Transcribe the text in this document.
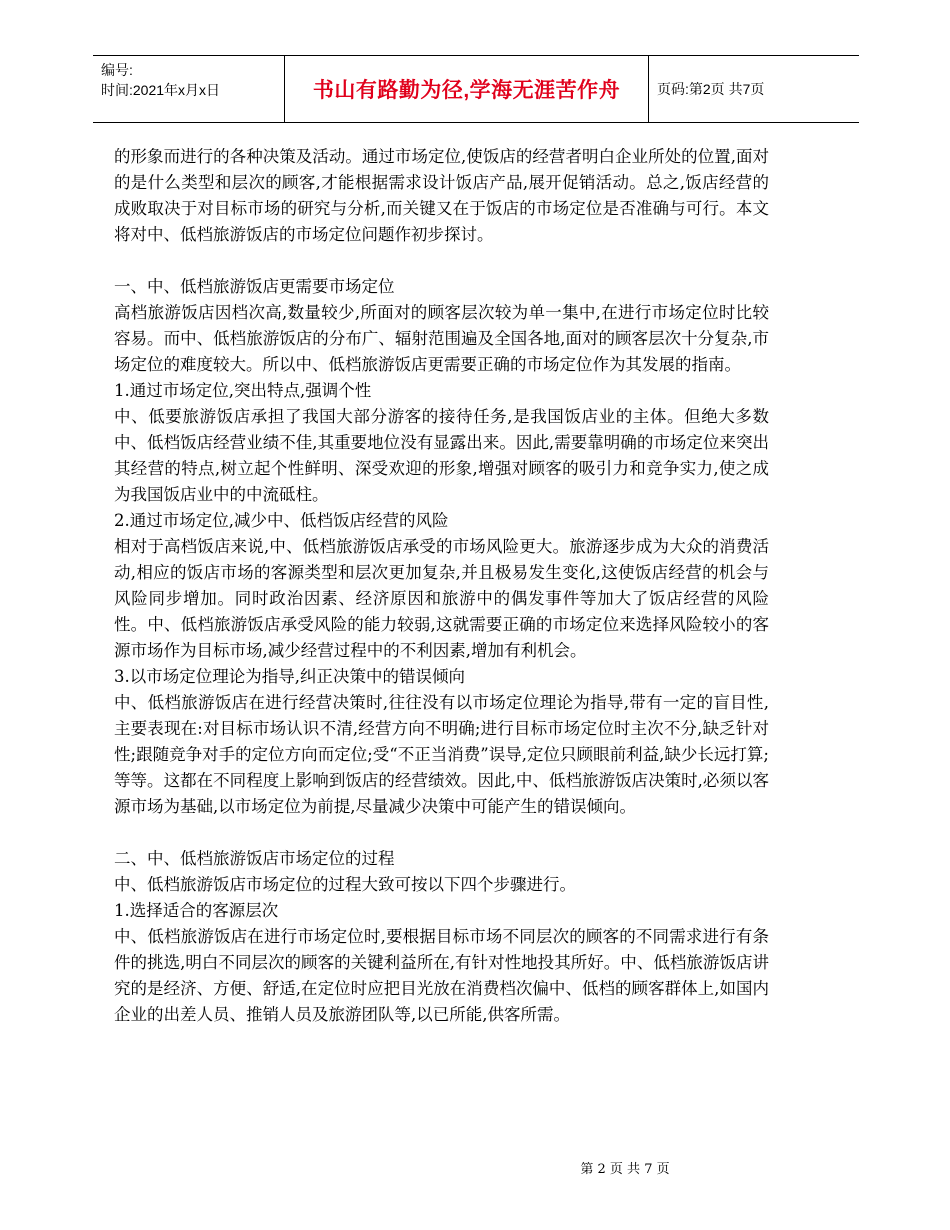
编号:
时间:2021年x月x日	书山有路勤为径,学海无涯苦作舟	页码:第2页 共7页

的形象而进行的各种决策及活动。通过市场定位,使饭店的经营者明白企业所处的位置,面对的是什么类型和层次的顾客,才能根据需求设计饭店产品,展开促销活动。总之,饭店经营的成败取决于对目标市场的研究与分析,而关键又在于饭店的市场定位是否准确与可行。本文将对中、低档旅游饭店的市场定位问题作初步探讨。

一、中、低档旅游饭店更需要市场定位

高档旅游饭店因档次高,数量较少,所面对的顾客层次较为单一集中,在进行市场定位时比较容易。而中、低档旅游饭店的分布广、辐射范围遍及全国各地,面对的顾客层次十分复杂,市场定位的难度较大。所以中、低档旅游饭店更需要正确的市场定位作为其发展的指南。

1.通过市场定位,突出特点,强调个性

中、低要旅游饭店承担了我国大部分游客的接待任务,是我国饭店业的主体。但绝大多数中、低档饭店经营业绩不佳,其重要地位没有显露出来。因此,需要靠明确的市场定位来突出其经营的特点,树立起个性鲜明、深受欢迎的形象,增强对顾客的吸引力和竞争实力,使之成为我国饭店业中的中流砥柱。

2.通过市场定位,减少中、低档饭店经营的风险

相对于高档饭店来说,中、低档旅游饭店承受的市场风险更大。旅游逐步成为大众的消费活动,相应的饭店市场的客源类型和层次更加复杂,并且极易发生变化,这使饭店经营的机会与风险同步增加。同时政治因素、经济原因和旅游中的偶发事件等加大了饭店经营的风险性。中、低档旅游饭店承受风险的能力较弱,这就需要正确的市场定位来选择风险较小的客源市场作为目标市场,减少经营过程中的不利因素,增加有利机会。

3.以市场定位理论为指导,纠正决策中的错误倾向

中、低档旅游饭店在进行经营决策时,往往没有以市场定位理论为指导,带有一定的盲目性,主要表现在:对目标市场认识不清,经营方向不明确;进行目标市场定位时主次不分,缺乏针对性;跟随竞争对手的定位方向而定位;受“不正当消费”误导,定位只顾眼前利益,缺少长远打算;等等。这都在不同程度上影响到饭店的经营绩效。因此,中、低档旅游饭店决策时,必须以客源市场为基础,以市场定位为前提,尽量减少决策中可能产生的错误倾向。

二、中、低档旅游饭店市场定位的过程

中、低档旅游饭店市场定位的过程大致可按以下四个步骤进行。

1.选择适合的客源层次

中、低档旅游饭店在进行市场定位时,要根据目标市场不同层次的顾客的不同需求进行有条件的挑选,明白不同层次的顾客的关键利益所在,有针对性地投其所好。中、低档旅游饭店讲究的是经济、方便、舒适,在定位时应把目光放在消费档次偏中、低档的顾客群体上,如国内企业的出差人员、推销人员及旅游团队等,以已所能,供客所需。

第 2 页 共 7 页
